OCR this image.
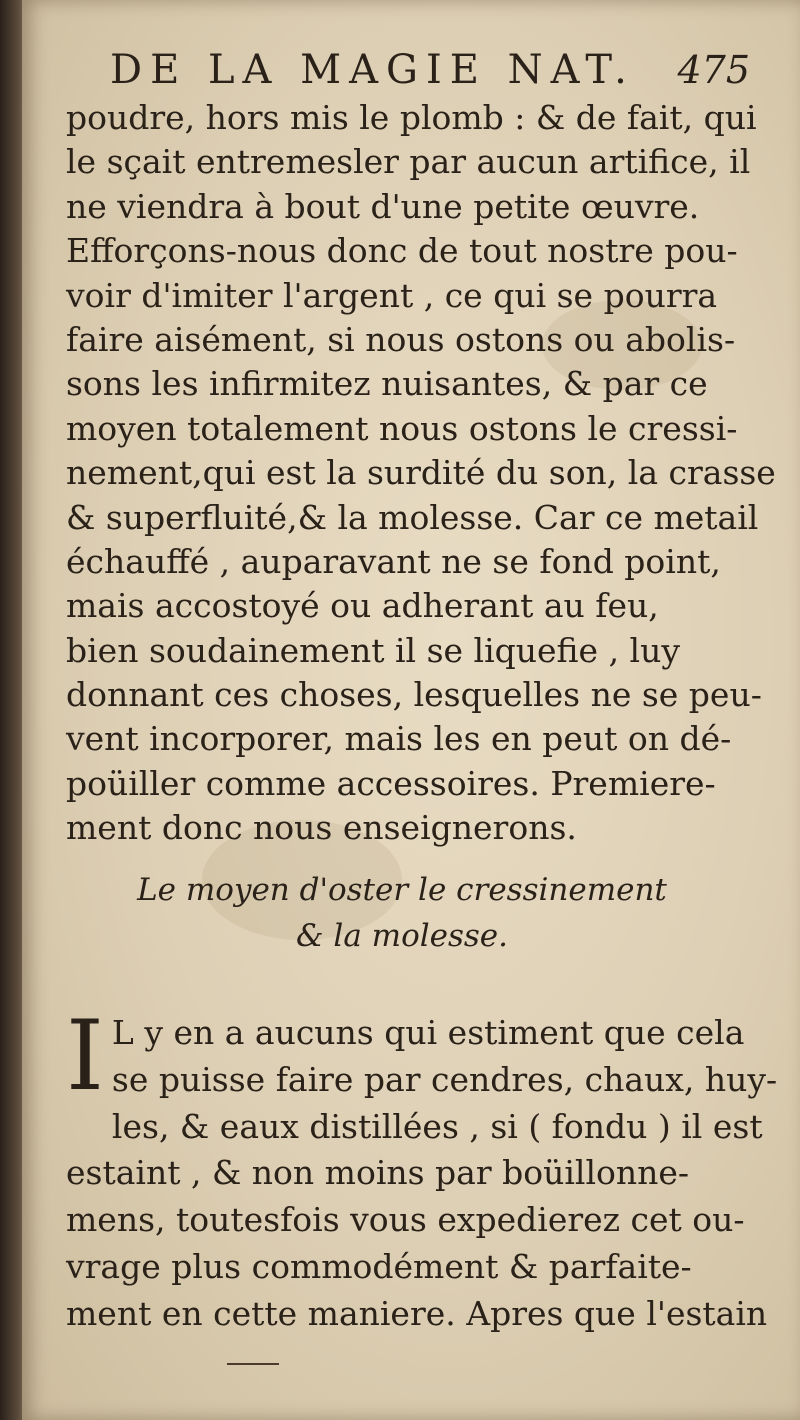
DE LA MAGIE NAT. 475
poudre, hors mis le plomb : & de fait, qui
le sçait entremesler par aucun artifice, il
ne viendra à bout d'une petite œuvre.
Efforçons-nous donc de tout nostre pou-
voir d'imiter l'argent , ce qui se pourra
faire aisément, si nous ostons ou abolis-
sons les infirmitez nuisantes, & par ce
moyen totalement nous ostons le cressi-
nement,qui est la surdité du son, la crasse
& superfluité,& la molesse. Car ce metail
échauffé , auparavant ne se fond point,
mais accostoyé ou adherant au feu,
bien soudainement il se liquefie , luy
donnant ces choses, lesquelles ne se peu-
vent incorporer, mais les en peut on dé-
poüiller comme accessoires. Premiere-
ment donc nous enseignerons.
Le moyen d'oster le cressinement
& la molesse.
I L y en a aucuns qui estiment que cela
se puisse faire par cendres, chaux, huy-
les, & eaux distillées , si ( fondu ) il est
estaint , & non moins par boüillonne-
mens, toutesfois vous expedierez cet ou-
vrage plus commodément & parfaite-
ment en cette maniere. Apres que l'estain
